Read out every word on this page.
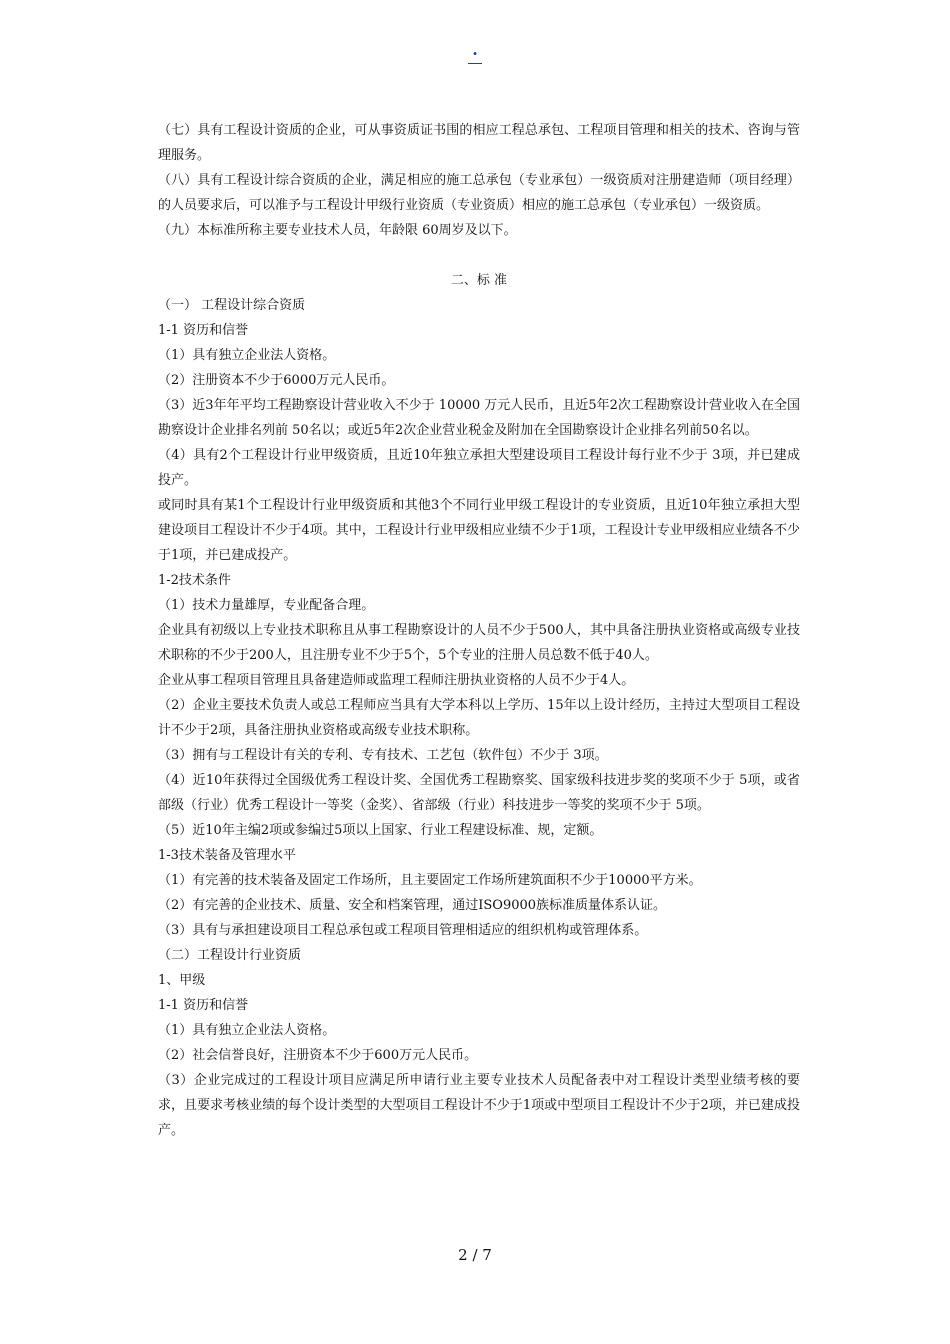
.

（七）具有工程设计资质的企业，可从事资质证书围的相应工程总承包、工程项目管理和相关的技术、咨询与管理服务。

（八）具有工程设计综合资质的企业，满足相应的施工总承包（专业承包）一级资质对注册建造师（项目经理）的人员要求后，可以准予与工程设计甲级行业资质（专业资质）相应的施工总承包（专业承包）一级资质。

（九）本标准所称主要专业技术人员，年龄限 60周岁及以下。

二、标 准

（一） 工程设计综合资质

1-1 资历和信誉

（1）具有独立企业法人资格。

（2）注册资本不少于6000万元人民币。

（3）近3年年平均工程勘察设计营业收入不少于 10000 万元人民币，且近5年2次工程勘察设计营业收入在全国勘察设计企业排名列前 50名以；或近5年2次企业营业税金及附加在全国勘察设计企业排名列前50名以。

（4）具有2个工程设计行业甲级资质，且近10年独立承担大型建设项目工程设计每行业不少于 3项，并已建成投产。

或同时具有某1个工程设计行业甲级资质和其他3个不同行业甲级工程设计的专业资质，且近10年独立承担大型建设项目工程设计不少于4项。其中，工程设计行业甲级相应业绩不少于1项，工程设计专业甲级相应业绩各不少于1项，并已建成投产。

1-2技术条件

（1）技术力量雄厚，专业配备合理。

企业具有初级以上专业技术职称且从事工程勘察设计的人员不少于500人，其中具备注册执业资格或高级专业技术职称的不少于200人，且注册专业不少于5个，5个专业的注册人员总数不低于40人。

企业从事工程项目管理且具备建造师或监理工程师注册执业资格的人员不少于4人。

（2）企业主要技术负责人或总工程师应当具有大学本科以上学历、15年以上设计经历，主持过大型项目工程设计不少于2项，具备注册执业资格或高级专业技术职称。

（3）拥有与工程设计有关的专利、专有技术、工艺包（软件包）不少于 3项。

（4）近10年获得过全国级优秀工程设计奖、全国优秀工程勘察奖、国家级科技进步奖的奖项不少于 5项，或省部级（行业）优秀工程设计一等奖（金奖）、省部级（行业）科技进步一等奖的奖项不少于 5项。

（5）近10年主编2项或参编过5项以上国家、行业工程建设标准、规，定额。

1-3技术装备及管理水平

（1）有完善的技术装备及固定工作场所，且主要固定工作场所建筑面积不少于10000平方米。

（2）有完善的企业技术、质量、安全和档案管理，通过ISO9000族标准质量体系认证。

（3）具有与承担建设项目工程总承包或工程项目管理相适应的组织机构或管理体系。

（二）工程设计行业资质

1、甲级

1-1 资历和信誉

（1）具有独立企业法人资格。

（2）社会信誉良好，注册资本不少于600万元人民币。

（3）企业完成过的工程设计项目应满足所申请行业主要专业技术人员配备表中对工程设计类型业绩考核的要求，且要求考核业绩的每个设计类型的大型项目工程设计不少于1项或中型项目工程设计不少于2项，并已建成投产。

2 / 7
